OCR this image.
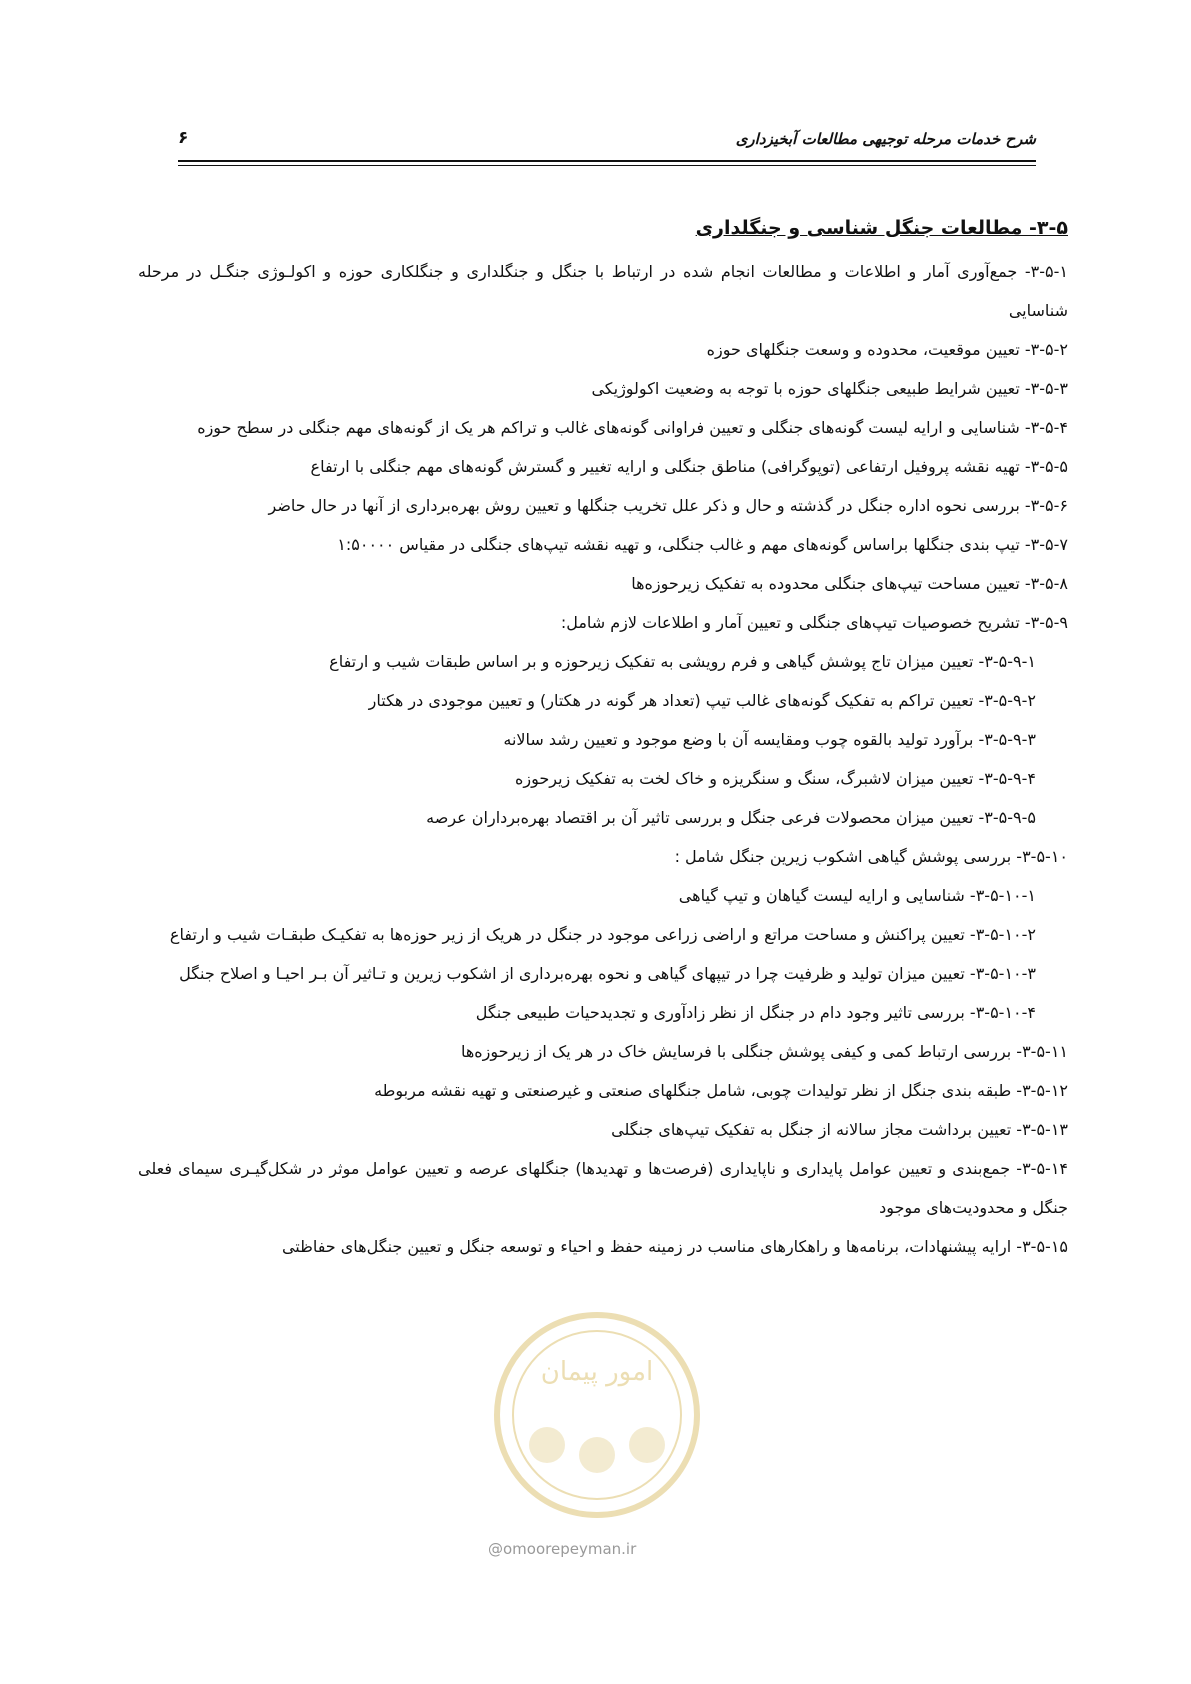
شرح خدمات مرحله توجیهی مطالعات آبخیزداری
۶
۳-۵- مطالعات جنگل شناسی و جنگلداری

۳-۵-۱- جمع‌آوری آمار و اطلاعات و مطالعات انجام شده در ارتباط با جنگل و جنگلداری و جنگلکاری حوزه و اکولـوژی جنگـل در مرحله شناسایی

۳-۵-۲- تعیین موقعیت، محدوده و وسعت جنگلهای حوزه

۳-۵-۳- تعیین شرایط طبیعی جنگلهای حوزه با توجه به وضعیت اکولوژیکی

۳-۵-۴- شناسایی و ارایه لیست گونه‌های جنگلی و تعیین فراوانی گونه‌های غالب و تراکم هر یک از گونه‌های مهم جنگلی در سطح حوزه

۳-۵-۵- تهیه نقشه پروفیل ارتفاعی (توپوگرافی) مناطق جنگلی و ارایه تغییر و گسترش گونه‌های مهم جنگلی با ارتفاع

۳-۵-۶- بررسی نحوه اداره جنگل در گذشته و حال و ذکر علل تخریب جنگلها و تعیین روش بهره‌برداری از آنها در حال حاضر

۳-۵-۷- تیپ بندی جنگلها براساس گونه‌های مهم و غالب جنگلی، و تهیه نقشه تیپ‌های جنگلی در مقیاس ۱:۵۰۰۰۰

۳-۵-۸- تعیین مساحت تیپ‌های جنگلی محدوده به تفکیک زیرحوزه‌ها

۳-۵-۹- تشریح خصوصیات تیپ‌های جنگلی و تعیین آمار و اطلاعات لازم شامل:

۳-۵-۹-۱- تعیین میزان تاج پوشش گیاهی و فرم رویشی به تفکیک زیرحوزه و بر اساس طبقات شیب و ارتفاع

۳-۵-۹-۲- تعیین تراکم به تفکیک گونه‌های غالب تیپ (تعداد هر گونه در هکتار) و تعیین موجودی در هکتار

۳-۵-۹-۳- برآورد تولید بالقوه چوب ومقایسه آن با وضع موجود و تعیین رشد سالانه

۳-۵-۹-۴- تعیین میزان لاشبرگ، سنگ و سنگریزه و خاک لخت به تفکیک زیرحوزه

۳-۵-۹-۵- تعیین میزان محصولات فرعی جنگل و بررسی تاثیر آن بر اقتصاد بهره‌برداران عرصه

۳-۵-۱۰- بررسی پوشش گیاهی اشکوب زیرین جنگل شامل :

۳-۵-۱۰-۱- شناسایی و ارایه لیست گیاهان و تیپ گیاهی

۳-۵-۱۰-۲- تعیین پراکنش و مساحت مراتع و اراضی زراعی موجود در جنگل در هریک از زیر حوزه‌ها به تفکیـک طبقـات شیب و ارتفاع

۳-۵-۱۰-۳- تعیین میزان تولید و ظرفیت چرا در تیپهای گیاهی و نحوه بهره‌برداری از اشکوب زیرین و تـاثیر آن بـر احیـا و اصلاح جنگل

۳-۵-۱۰-۴- بررسی تاثیر وجود دام در جنگل از نظر زادآوری و تجدیدحیات طبیعی جنگل

۳-۵-۱۱- بررسی ارتباط کمی و کیفی پوشش جنگلی با فرسایش خاک در هر یک از زیرحوزه‌ها

۳-۵-۱۲- طبقه بندی جنگل از نظر تولیدات چوبی، شامل جنگلهای صنعتی و غیرصنعتی و تهیه نقشه مربوطه

۳-۵-۱۳- تعیین برداشت مجاز سالانه از جنگل به تفکیک تیپ‌های جنگلی

۳-۵-۱۴- جمع‌بندی و تعیین عوامل پایداری و ناپایداری (فرصت‌ها و تهدیدها) جنگلهای عرصه و تعیین عوامل موثر در شکل‌گیـری سیمای فعلی جنگل و محدودیت‌های موجود

۳-۵-۱۵- ارایه پیشنهادات، برنامه‌ها و راهکارهای مناسب در زمینه حفظ و احیاء و توسعه جنگل و تعیین جنگل‌های حفاظتی

امور پیمان
@omoorepeyman.ir
